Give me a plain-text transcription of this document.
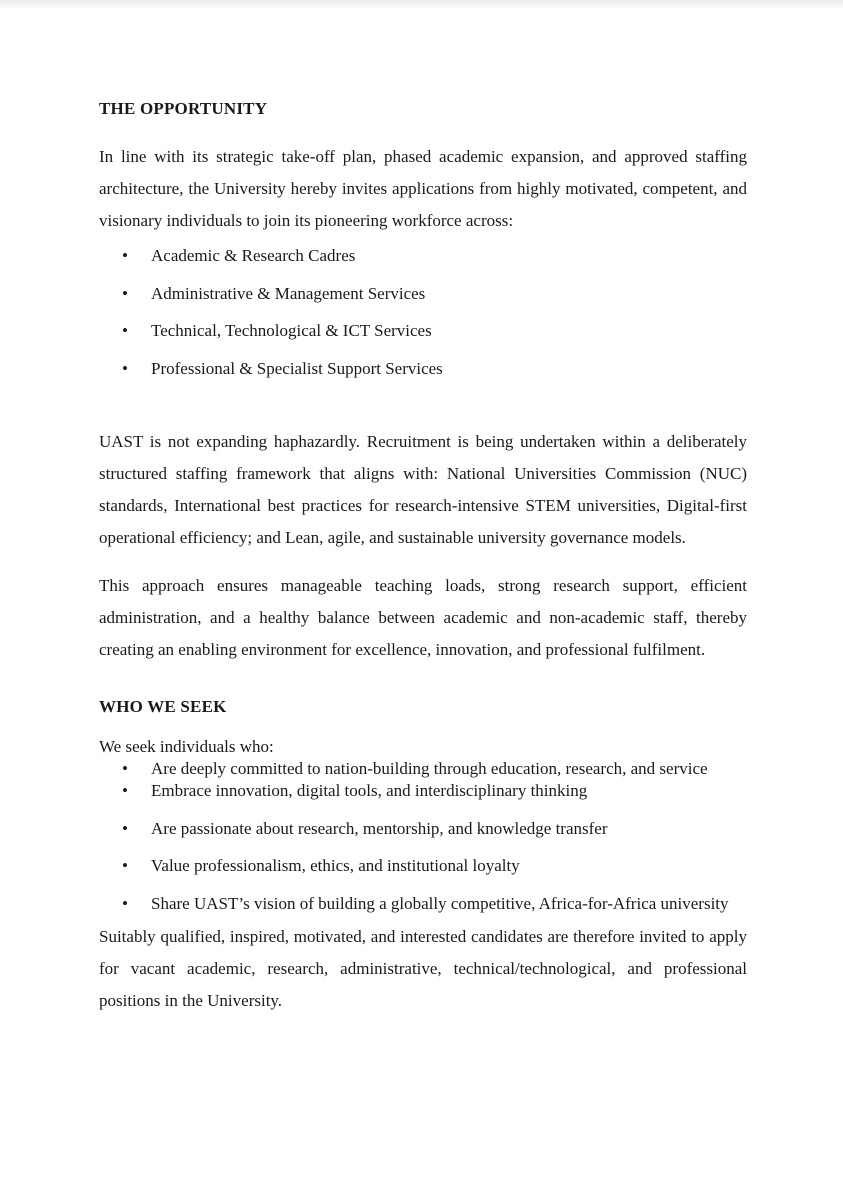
THE OPPORTUNITY

In line with its strategic take-off plan, phased academic expansion, and approved staffing architecture, the University hereby invites applications from highly motivated, competent, and visionary individuals to join its pioneering workforce across:

• Academic & Research Cadres
• Administrative & Management Services
• Technical, Technological & ICT Services
• Professional & Specialist Support Services

UAST is not expanding haphazardly. Recruitment is being undertaken within a deliberately structured staffing framework that aligns with: National Universities Commission (NUC) standards, International best practices for research-intensive STEM universities, Digital-first operational efficiency; and Lean, agile, and sustainable university governance models.

This approach ensures manageable teaching loads, strong research support, efficient administration, and a healthy balance between academic and non-academic staff, thereby creating an enabling environment for excellence, innovation, and professional fulfilment.

WHO WE SEEK

We seek individuals who:

• Are deeply committed to nation-building through education, research, and service
• Embrace innovation, digital tools, and interdisciplinary thinking
• Are passionate about research, mentorship, and knowledge transfer
• Value professionalism, ethics, and institutional loyalty
• Share UAST’s vision of building a globally competitive, Africa-for-Africa university

Suitably qualified, inspired, motivated, and interested candidates are therefore invited to apply for vacant academic, research, administrative, technical/technological, and professional positions in the University.
